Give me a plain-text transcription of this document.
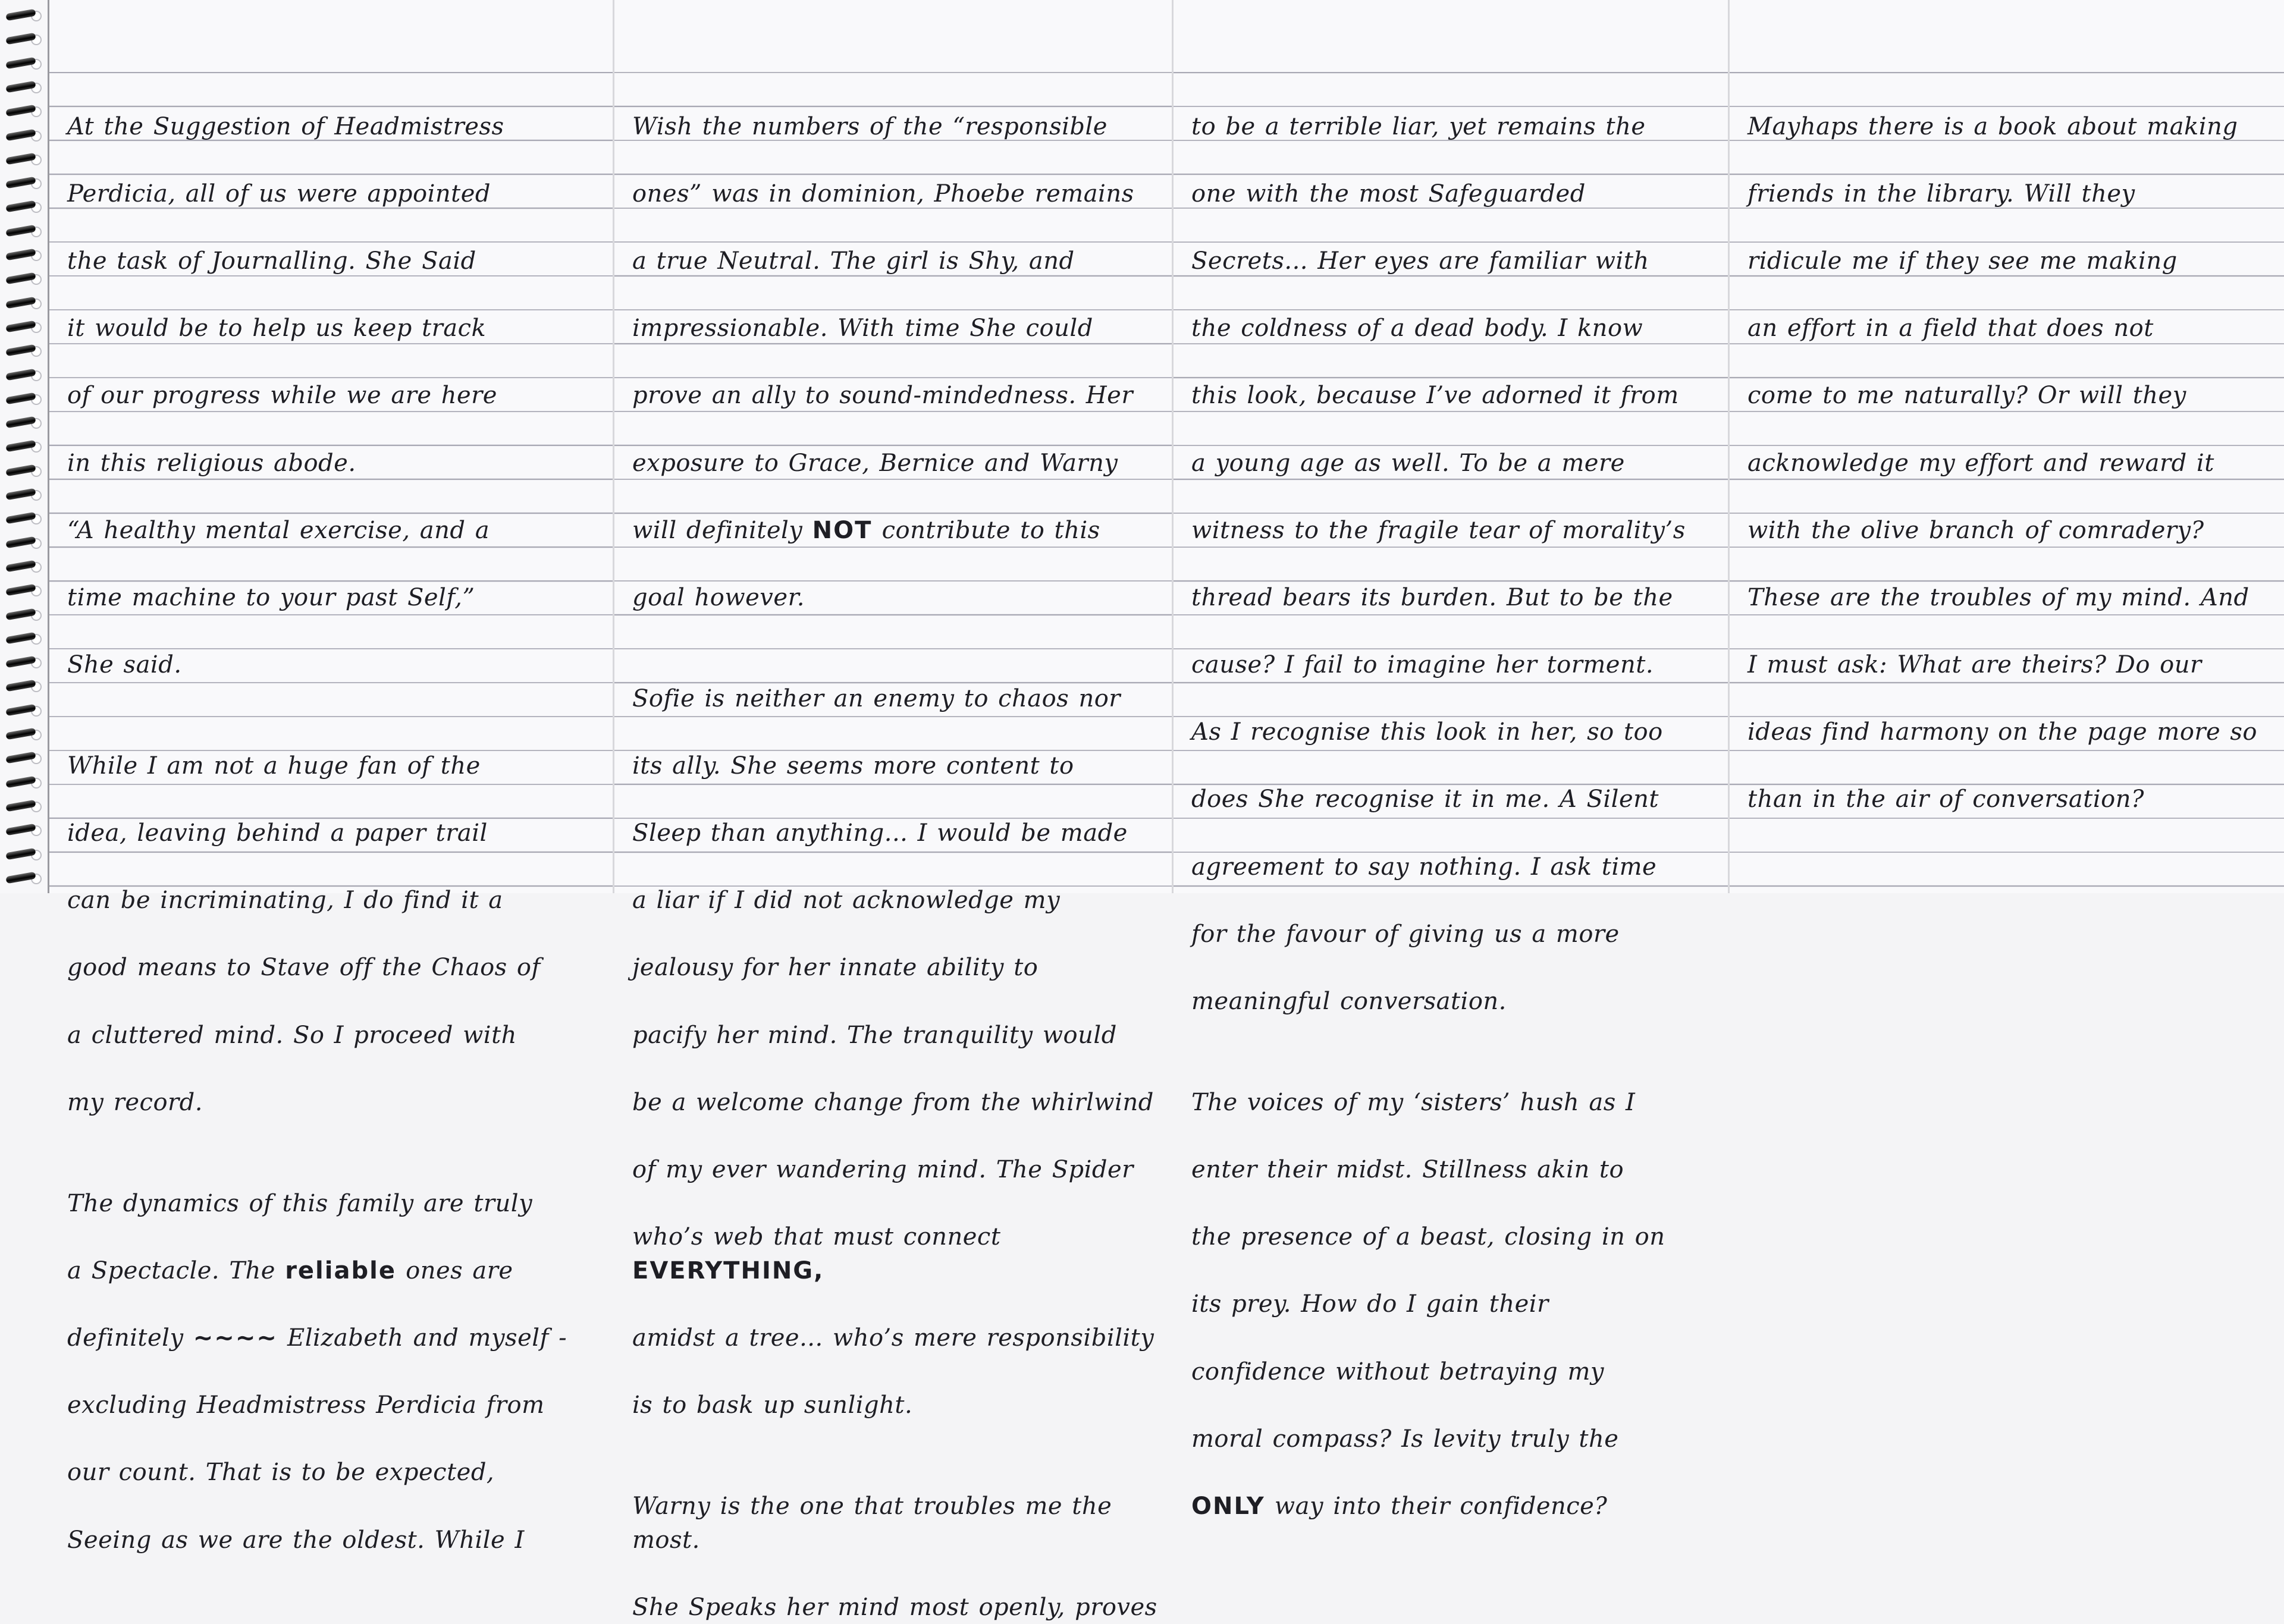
At the Suggestion of Headmistress

Perdicia, all of us were appointed

the task of Journalling. She Said

it would be to help us keep track

of our progress while we are here

in this religious abode.

“A healthy mental exercise, and a

time machine to your past Self,”

She said.

While I am not a huge fan of the

idea, leaving behind a paper trail

can be incriminating, I do find it a

good means to Stave off the Chaos of

a cluttered mind. So I proceed with

my record.

The dynamics of this family are truly

a Spectacle. The reliable ones are

definitely ~~~~ Elizabeth and myself -

excluding Headmistress Perdicia from

our count. That is to be expected,

Seeing as we are the oldest. While I

Wish the numbers of the “responsible

ones” was in dominion, Phoebe remains

a true Neutral. The girl is Shy, and

impressionable. With time She could

prove an ally to sound-mindedness. Her

exposure to Grace, Bernice and Warny

will definitely NOT contribute to this

goal however.

Sofie is neither an enemy to chaos nor

its ally. She seems more content to

Sleep than anything... I would be made

a liar if I did not acknowledge my

jealousy for her innate ability to

pacify her mind. The tranquility would

be a welcome change from the whirlwind

of my ever wandering mind. The Spider

who’s web that must connect EVERYTHING,

amidst a tree... who’s mere responsibility

is to bask up sunlight.

Warny is the one that troubles me the most.

She Speaks her mind most openly, proves

to be a terrible liar, yet remains the

one with the most Safeguarded

Secrets... Her eyes are familiar with

the coldness of a dead body. I know

this look, because I’ve adorned it from

a young age as well. To be a mere

witness to the fragile tear of morality’s

thread bears its burden. But to be the

cause? I fail to imagine her torment.

As I recognise this look in her, so too

does She recognise it in me. A Silent

agreement to say nothing. I ask time

for the favour of giving us a more

meaningful conversation.

The voices of my ‘sisters’ hush as I

enter their midst. Stillness akin to

the presence of a beast, closing in on

its prey. How do I gain their

confidence without betraying my

moral compass? Is levity truly the

ONLY way into their confidence?

Mayhaps there is a book about making

friends in the library. Will they

ridicule me if they see me making

an effort in a field that does not

come to me naturally? Or will they

acknowledge my effort and reward it

with the olive branch of comradery?

These are the troubles of my mind. And

I must ask: What are theirs? Do our

ideas find harmony on the page more so

than in the air of conversation?
